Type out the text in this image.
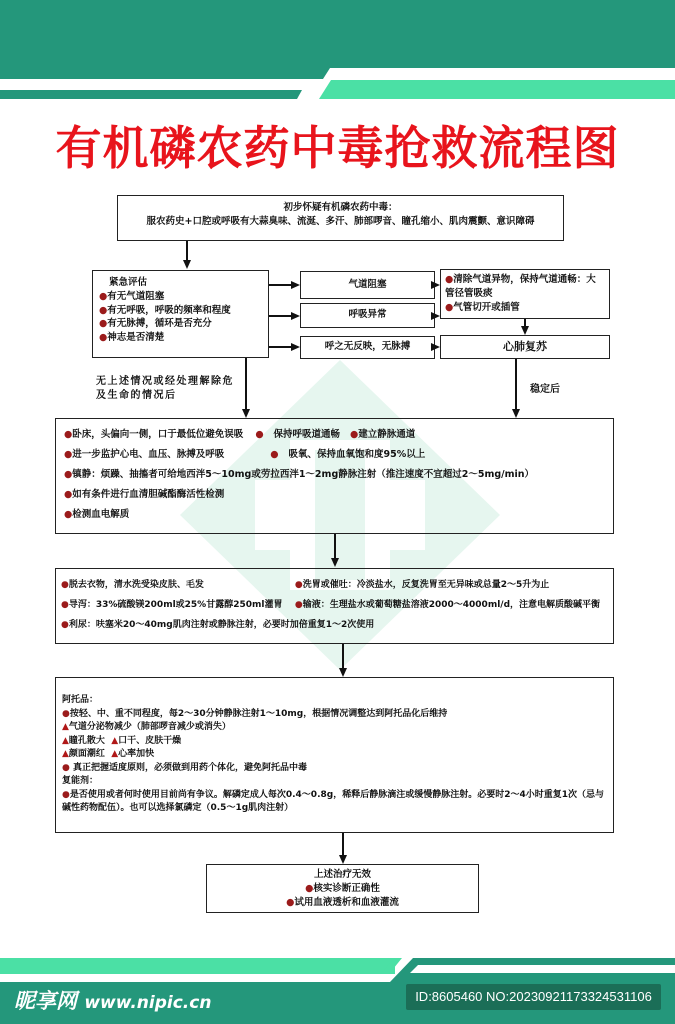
有机磷农药中毒抢救流程图
初步怀疑有机磷农药中毒：
服农药史+口腔或呼吸有大蒜臭味、流涎、多汗、肺部啰音、瞳孔缩小、肌肉震颤、意识障碍
紧急评估
●有无气道阻塞
●有无呼吸，呼吸的频率和程度
●有无脉搏，循环是否充分
●神志是否清楚
气道阻塞
呼吸异常
呼之无反映，无脉搏
●清除气道异物，保持气道通畅：大管径管吸痰
●气管切开或插管
心肺复苏
无上述情况或经处理解除危及生命的情况后	稳定后
●卧床，头偏向一侧，口于最低位避免误吸 ● 保持呼吸道通畅 ●建立静脉通道
●进一步监护心电、血压、脉搏及呼吸	● 吸氧、保持血氧饱和度95%以上
●镇静：烦躁、抽搐者可给地西泮5～10mg或劳拉西泮1～2mg静脉注射（推注速度不宜超过2～5mg/min）
●如有条件进行血清胆碱酯酶活性检测
●检测血电解质
●脱去衣物，清水洗受染皮肤、毛发	●洗胃或催吐：冷淡盐水，反复洗胃至无异味或总量2～5升为止
●导泻：33%硫酸镁200ml或25%甘露醇250ml灌胃 ●输液：生理盐水或葡萄糖盐溶液2000～4000ml/d，注意电解质酸碱平衡
●利尿：呋塞米20～40mg肌肉注射或静脉注射，必要时加倍重复1～2次使用
阿托品：
●按轻、中、重不同程度，每2～30分钟静脉注射1～10mg，根据情况调整达到阿托品化后维持
▲气道分泌物减少（肺部啰音减少或消失）
▲瞳孔散大 ▲口干、皮肤干燥
▲颜面潮红 ▲心率加快
● 真正把握适度原则，必须做到用药个体化，避免阿托品中毒
复能剂：
●是否使用或者何时使用目前尚有争议。解磷定成人每次0.4～0.8g，稀释后静脉滴注或缓慢静脉注射。必要时2～4小时重复1次（忌与碱性药物配伍）。也可以选择氯磷定（0.5～1g肌肉注射）
上述治疗无效
●核实诊断正确性
●试用血液透析和血液灌流
昵享网 www.nipic.cn	ID:8605460 NO:20230921173324531106
